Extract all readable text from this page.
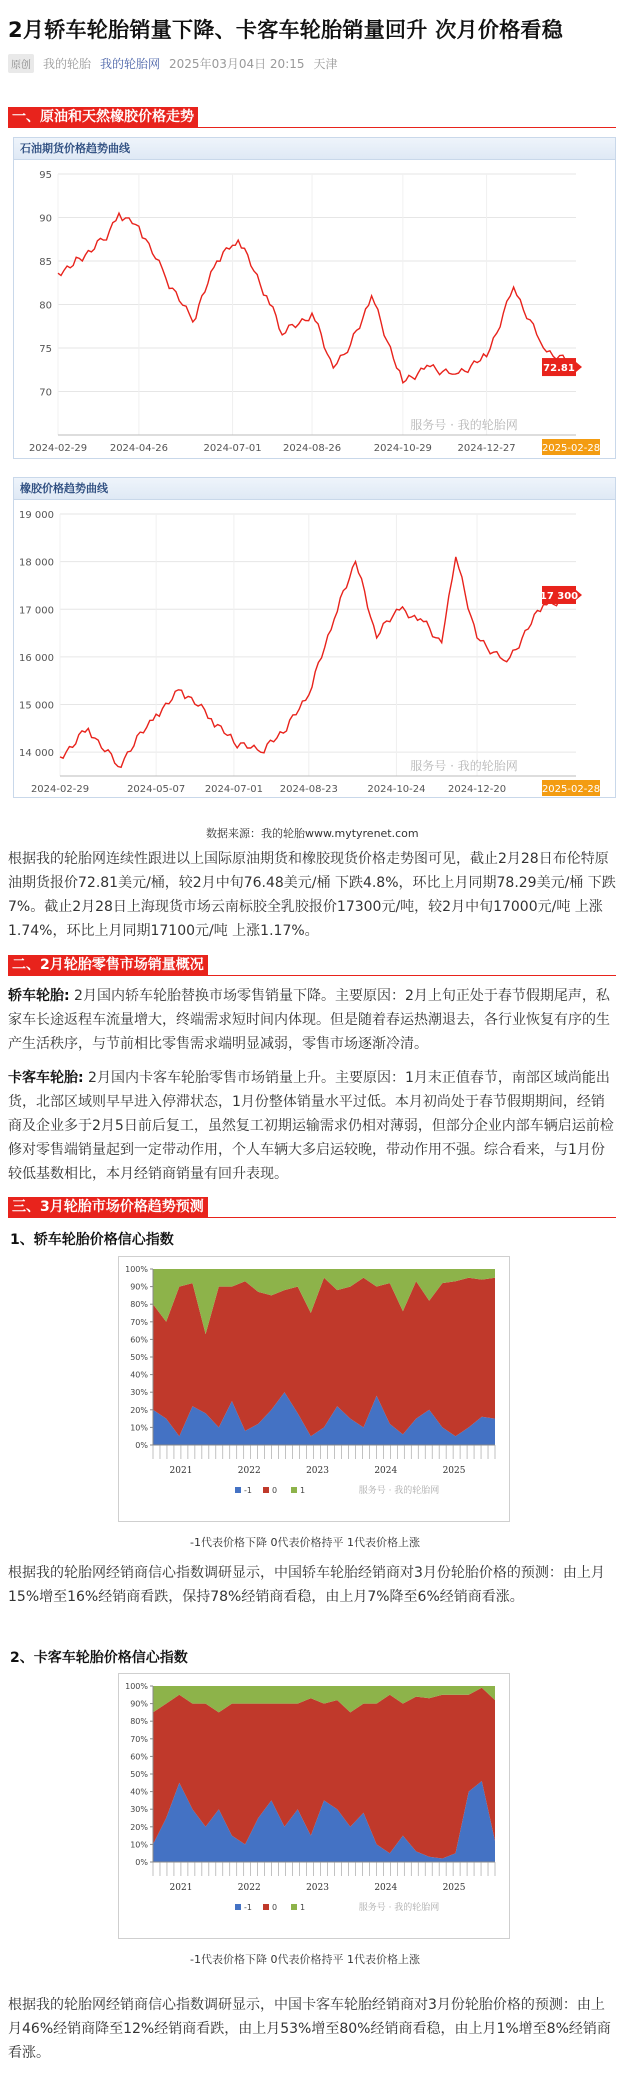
2月轿车轮胎销量下降、卡客车轮胎销量回升 次月价格看稳
原创 我的轮胎 我的轮胎网 2025年03月04日 20:15 天津
一、原油和天然橡胶价格走势
石油期货价格趋势曲线
95
90
85
80
75
70
2024-02-29 2024-04-26	2024-07-01 2024-08-26	2024-10-29	2024-12-27
72.81
2025-02-28
服务号 · 我的轮胎网
橡胶价格趋势曲线
19 000
18 000
17 000
16 000
15 000
14 000
2024-02-29	2024-05-07 2024-07-01 2024-08-23	2024-10-24 2024-12-20
17 300
2025-02-28
服务号 · 我的轮胎网
数据来源：我的轮胎www.mytyrenet.com
根据我的轮胎网连续性跟进以上国际原油期货和橡胶现货价格走势图可见，截止2月28日布伦特原油期货报价72.81美元/桶，较2月中旬76.48美元/桶 下跌4.8%，环比上月同期78.29美元/桶 下跌7%。截止2月28日上海现货市场云南标胶全乳胶报价17300元/吨，较2月中旬17000元/吨 上涨1.74%，环比上月同期17100元/吨 上涨1.17%。
二、2月轮胎零售市场销量概况
轿车轮胎: 2月国内轿车轮胎替换市场零售销量下降。主要原因：2月上旬正处于春节假期尾声，私家车长途返程车流量增大，终端需求短时间内体现。但是随着春运热潮退去，各行业恢复有序的生产生活秩序，与节前相比零售需求端明显减弱，零售市场逐渐冷清。
卡客车轮胎: 2月国内卡客车轮胎零售市场销量上升。主要原因：1月末正值春节，南部区域尚能出货，北部区域则早早进入停滞状态，1月份整体销量水平过低。本月初尚处于春节假期期间，经销商及企业多于2月5日前后复工，虽然复工初期运输需求仍相对薄弱，但部分企业内部车辆启运前检修对零售端销量起到一定带动作用，个人车辆大多启运较晚，带动作用不强。综合看来，与1月份较低基数相比，本月经销商销量有回升表现。
三、3月轮胎市场价格趋势预测
1、轿车轮胎价格信心指数
100%
90%
80%
70%
60%
50%
40%
30%
20%
10%
0%
2021	2022	2023	2024	2025
-1	0	1	服务号 · 我的轮胎网
-1代表价格下降 0代表价格持平 1代表价格上涨
根据我的轮胎网经销商信心指数调研显示，中国轿车轮胎经销商对3月份轮胎价格的预测：由上月15%增至16%经销商看跌，保持78%经销商看稳，由上月7%降至6%经销商看涨。
2、卡客车轮胎价格信心指数
100%
90%
80%
70%
60%
50%
40%
30%
20%
10%
0%
2021	2022	2023	2024	2025
-1	0	1	服务号 · 我的轮胎网
-1代表价格下降 0代表价格持平 1代表价格上涨
根据我的轮胎网经销商信心指数调研显示，中国卡客车轮胎经销商对3月份轮胎价格的预测：由上月46%经销商降至12%经销商看跌，由上月53%增至80%经销商看稳，由上月1%增至8%经销商看涨。
